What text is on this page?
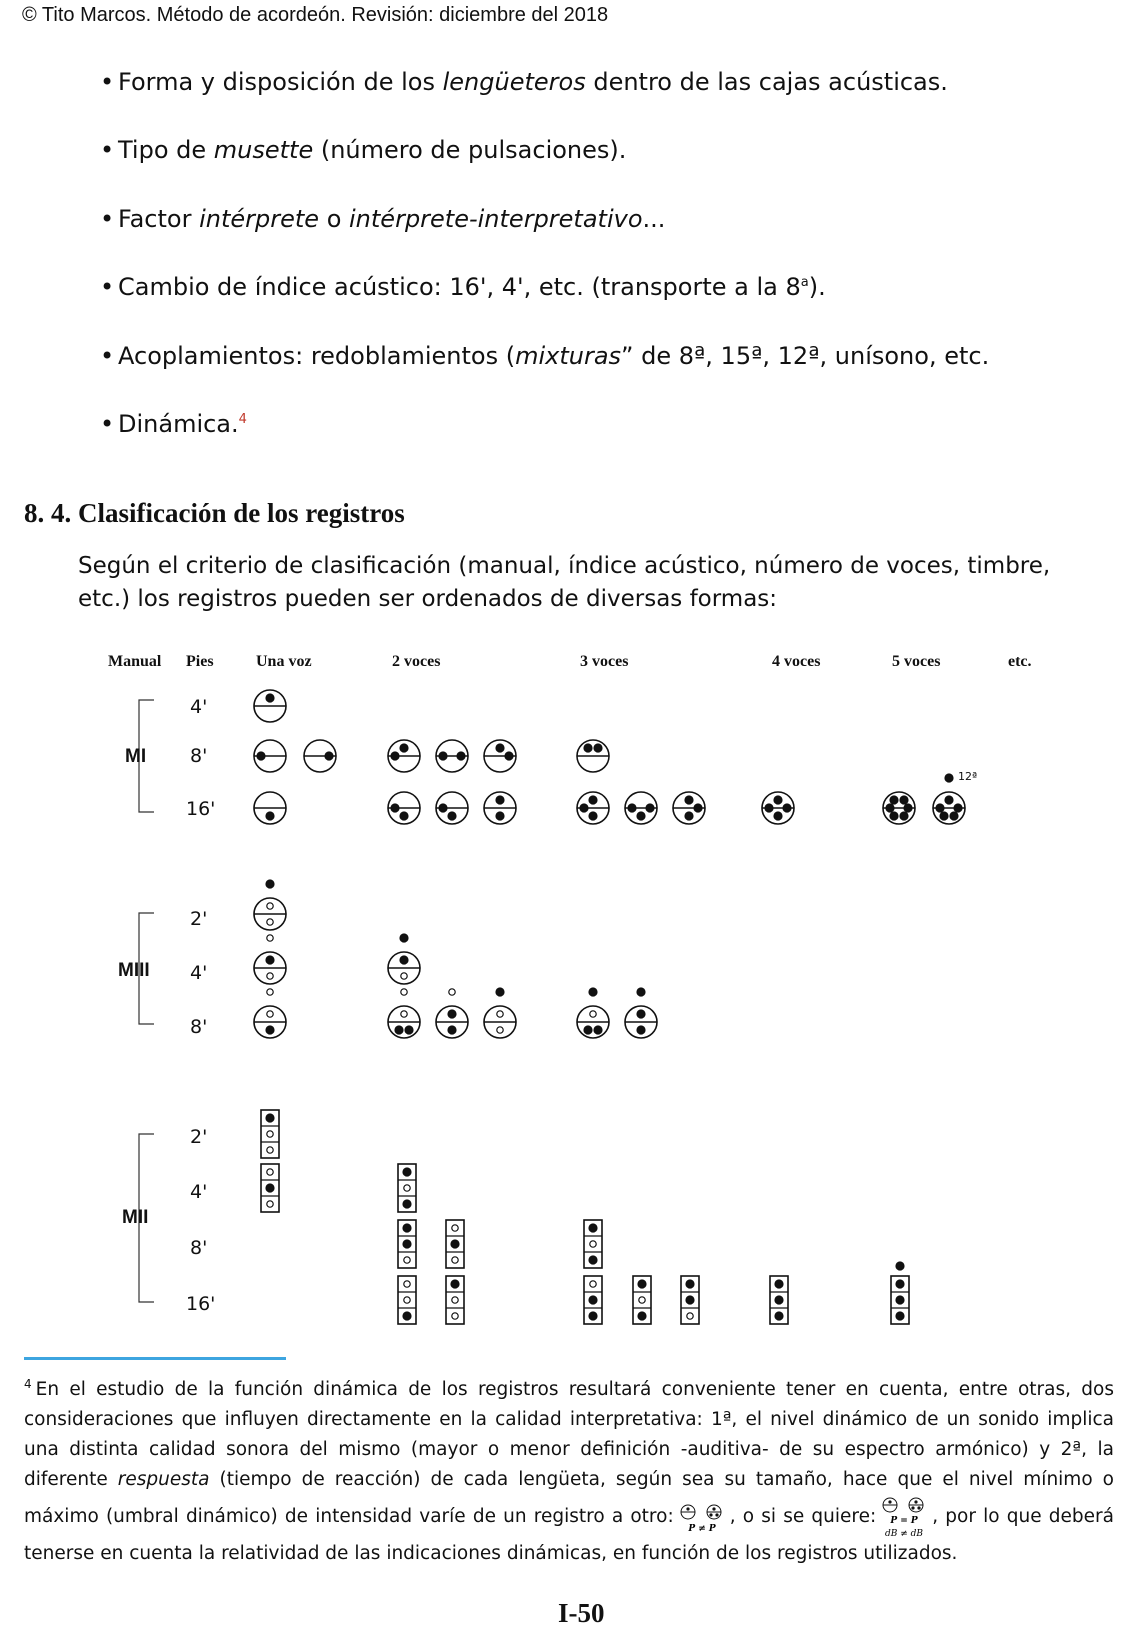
© Tito Marcos. Método de acordeón. Revisión: diciembre del 2018
• Forma y disposición de los lengüeteros dentro de las cajas acústicas.
• Tipo de musette (número de pulsaciones).
• Factor intérprete o intérprete-interpretativo...
• Cambio de índice acústico: 16', 4', etc. (transporte a la 8$^a$).
• Acoplamientos: redoblamientos (mixturas” de 8ª, 15ª, 12ª, unísono, etc.
• Dinámica.$^4$
8. 4. Clasificación de los registros
Según el criterio de clasificación (manual, índice acústico, número de voces, timbre, etc.) los registros pueden ser ordenados de diversas formas:
Manual Pies	Una voz	2 voces	3 voces	4 voces	5 voces	etc.
MI
MIII
MII
4'
8'
16'
2'
4'
8'
2'
4'
8'
16'
12ª
$^4$ En el estudio de la función dinámica de los registros resultará conveniente tener en cuenta, entre otras, dos consideraciones que influyen directamente en la calidad interpretativa: 1ª, el nivel dinámico de un sonido implica una distinta calidad sonora del mismo (mayor o menor definición -auditiva- de su espectro armónico) y 2ª, la diferente respuesta (tiempo de reacción) de cada lengüeta, según sea su tamaño, hace que el nivel mínimo o máximo (umbral dinámico) de intensidad varíe de un registro a otro:
P ≠ P
, o si se quiere: P = P
dB ≠ dB
, por lo que deberá tenerse en cuenta la relatividad de las indicaciones dinámicas, en función de los registros utilizados.
I-50
